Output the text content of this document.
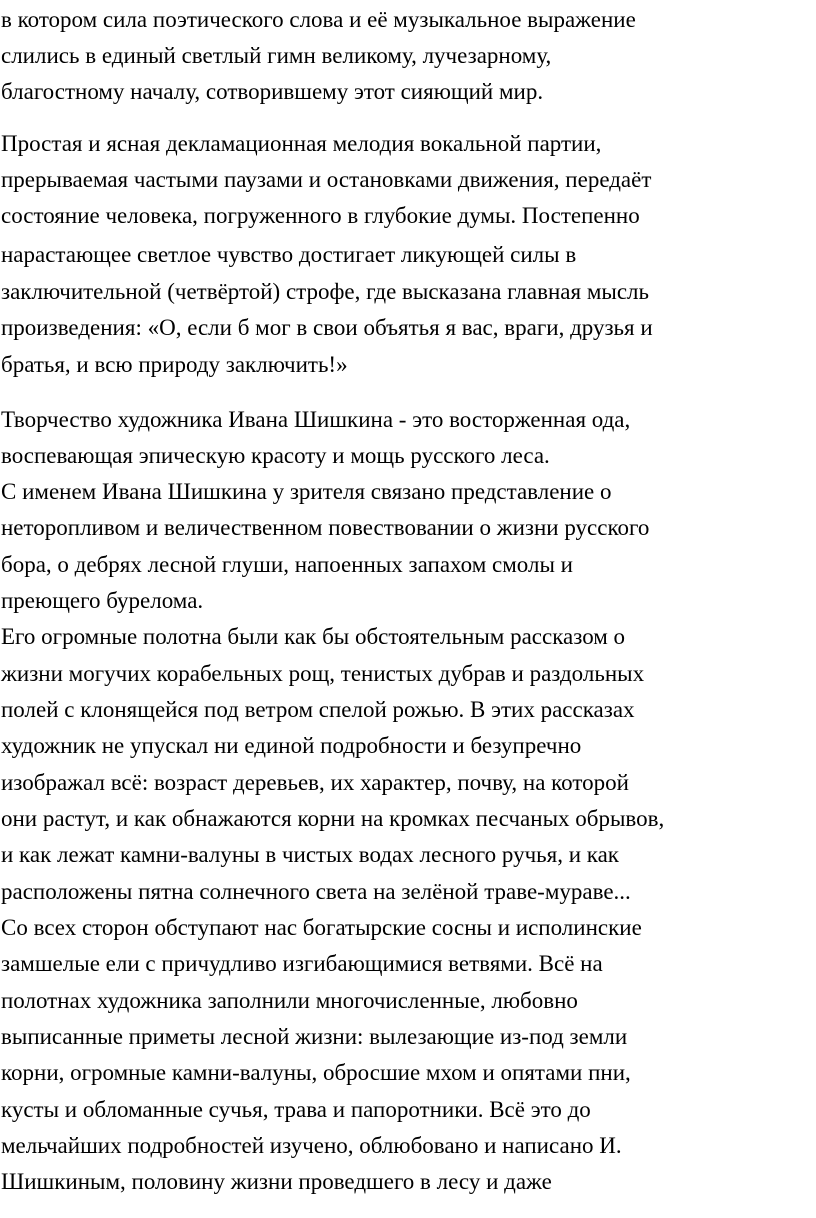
в котором сила поэтического слова и её музыкальное выражение
слились в единый светлый гимн великому, лучезарному,
благостному началу, сотворившему этот сияющий мир.
Простая и ясная декламационная мелодия вокальной партии,
прерываемая частыми паузами и остановками движения, передаёт
состояние человека, погруженного в глубокие думы. Постепенно
нарастающее светлое чувство достигает ликующей силы в
заключительной (четвёртой) строфе, где высказана главная мысль
произведения: «О, если б мог в свои объятья я вас, враги, друзья и
братья, и всю природу заключить!»
Творчество художника Ивана Шишкина - это восторженная ода,
воспевающая эпическую красоту и мощь русского леса.
С именем Ивана Шишкина у зрителя связано представление о
неторопливом и величественном повествовании о жизни русского
бора, о дебрях лесной глуши, напоенных запахом смолы и
преющего бурелома.
Его огромные полотна были как бы обстоятельным рассказом о
жизни могучих корабельных рощ, тенистых дубрав и раздольных
полей с клонящейся под ветром спелой рожью. В этих рассказах
художник не упускал ни единой подробности и безупречно
изображал всё: возраст деревьев, их характер, почву, на которой
они растут, и как обнажаются корни на кромках песчаных обрывов,
и как лежат камни-валуны в чистых водах лесного ручья, и как
расположены пятна солнечного света на зелёной траве-мураве...
Со всех сторон обступают нас богатырские сосны и исполинские
замшелые ели с причудливо изгибающимися ветвями. Всё на
полотнах художника заполнили многочисленные, любовно
выписанные приметы лесной жизни: вылезающие из-под земли
корни, огромные камни-валуны, обросшие мхом и опятами пни,
кусты и обломанные сучья, трава и папоротники. Всё это до
мельчайших подробностей изучено, облюбовано и написано И.
Шишкиным, половину жизни проведшего в лесу и даже
